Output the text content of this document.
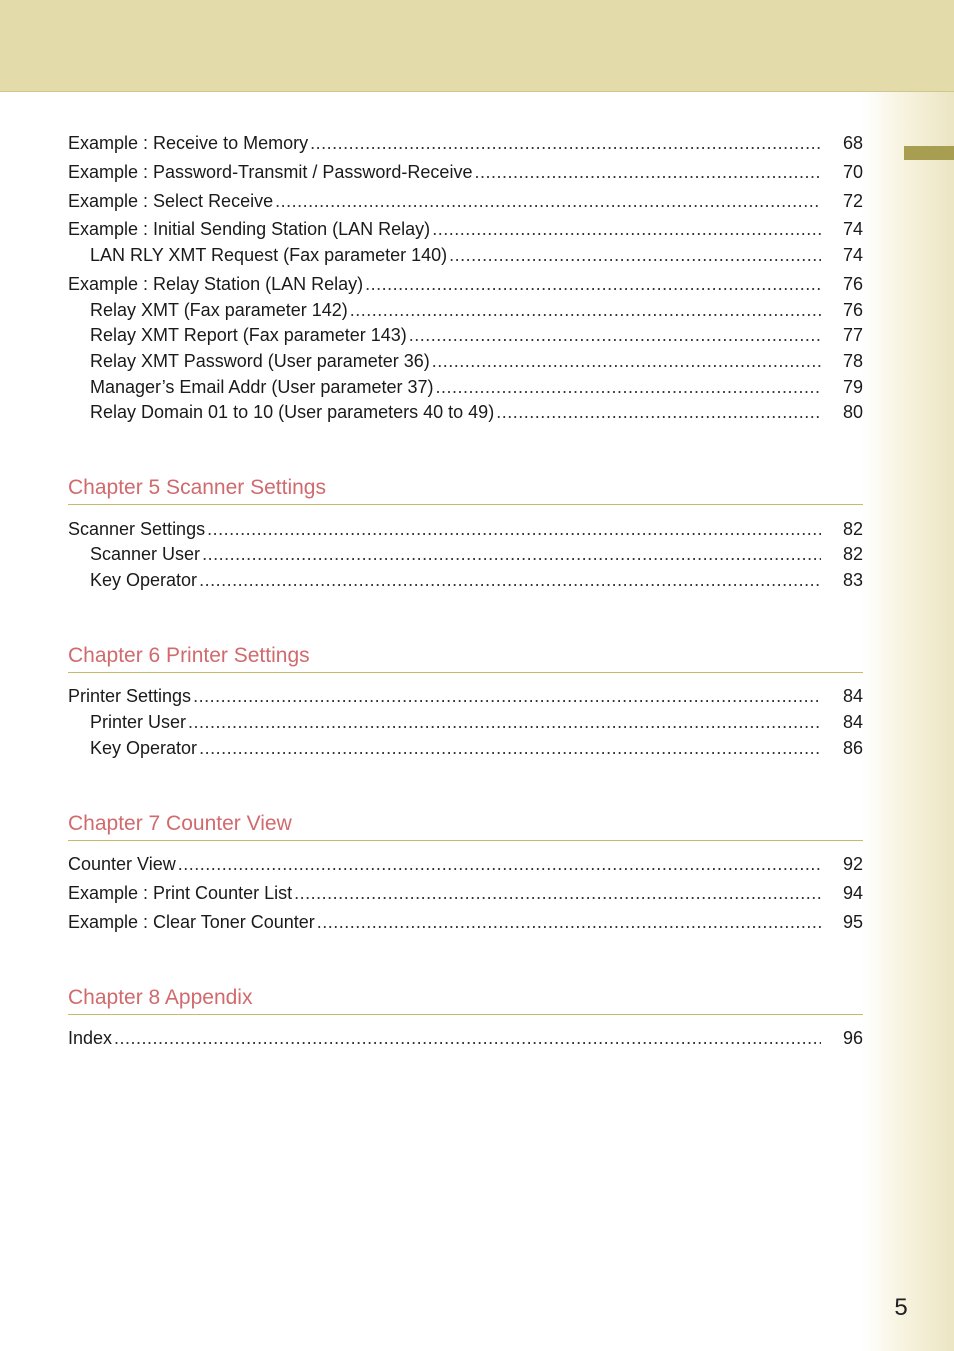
Example : Receive to Memory .....	68
Example : Password-Transmit / Password-Receive .....	70
Example : Select Receive .....	72
Example : Initial Sending Station (LAN Relay) .....	74
LAN RLY XMT Request (Fax parameter 140) .....	74
Example : Relay Station (LAN Relay) .....	76
Relay XMT (Fax parameter 142) .....	76
Relay XMT Report (Fax parameter 143) .....	77
Relay XMT Password (User parameter 36) .....	78
Manager’s Email Addr (User parameter 37) .....	79
Relay Domain 01 to 10 (User parameters 40 to 49) .....	80
Chapter 5 Scanner Settings
Scanner Settings .....	82
Scanner User .....	82
Key Operator .....	83
Chapter 6 Printer Settings
Printer Settings .....	84
Printer User .....	84
Key Operator .....	86
Chapter 7 Counter View
Counter View .....	92
Example : Print Counter List .....	94
Example : Clear Toner Counter .....	95
Chapter 8 Appendix
Index .....	96
5
